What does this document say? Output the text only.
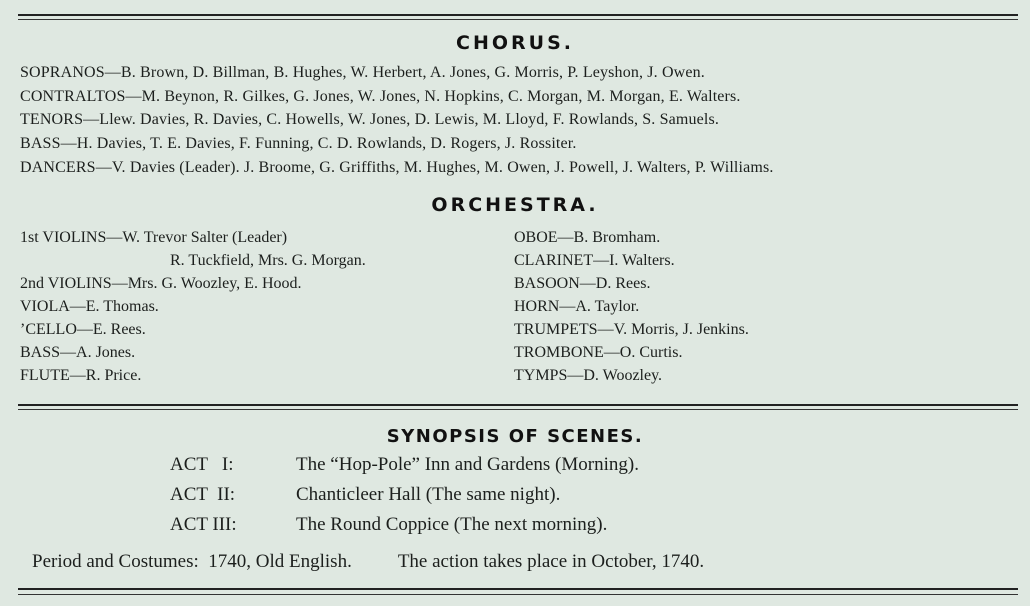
CHORUS.
SOPRANOS—B. Brown, D. Billman, B. Hughes, W. Herbert, A. Jones, G. Morris, P. Leyshon, J. Owen.
CONTRALTOS—M. Beynon, R. Gilkes, G. Jones, W. Jones, N. Hopkins, C. Morgan, M. Morgan, E. Walters.
TENORS—Llew. Davies, R. Davies, C. Howells, W. Jones, D. Lewis, M. Lloyd, F. Rowlands, S. Samuels.
BASS—H. Davies, T. E. Davies, F. Funning, C. D. Rowlands, D. Rogers, J. Rossiter.
DANCERS—V. Davies (Leader). J. Broome, G. Griffiths, M. Hughes, M. Owen, J. Powell, J. Walters, P. Williams.
ORCHESTRA.
1st VIOLINS—W. Trevor Salter (Leader)
R. Tuckfield, Mrs. G. Morgan.
2nd VIOLINS—Mrs. G. Woozley, E. Hood.
VIOLA—E. Thomas.
’CELLO—E. Rees.
BASS—A. Jones.
FLUTE—R. Price.
OBOE—B. Bromham.
CLARINET—I. Walters.
BASOON—D. Rees.
HORN—A. Taylor.
TRUMPETS—V. Morris, J. Jenkins.
TROMBONE—O. Curtis.
TYMPS—D. Woozley.
SYNOPSIS OF SCENES.
ACT   I:	The “Hop-Pole” Inn and Gardens (Morning).
ACT  II:	Chanticleer Hall (The same night).
ACT III:	The Round Coppice (The next morning).
Period and Costumes:  1740, Old English. The action takes place in October, 1740.
